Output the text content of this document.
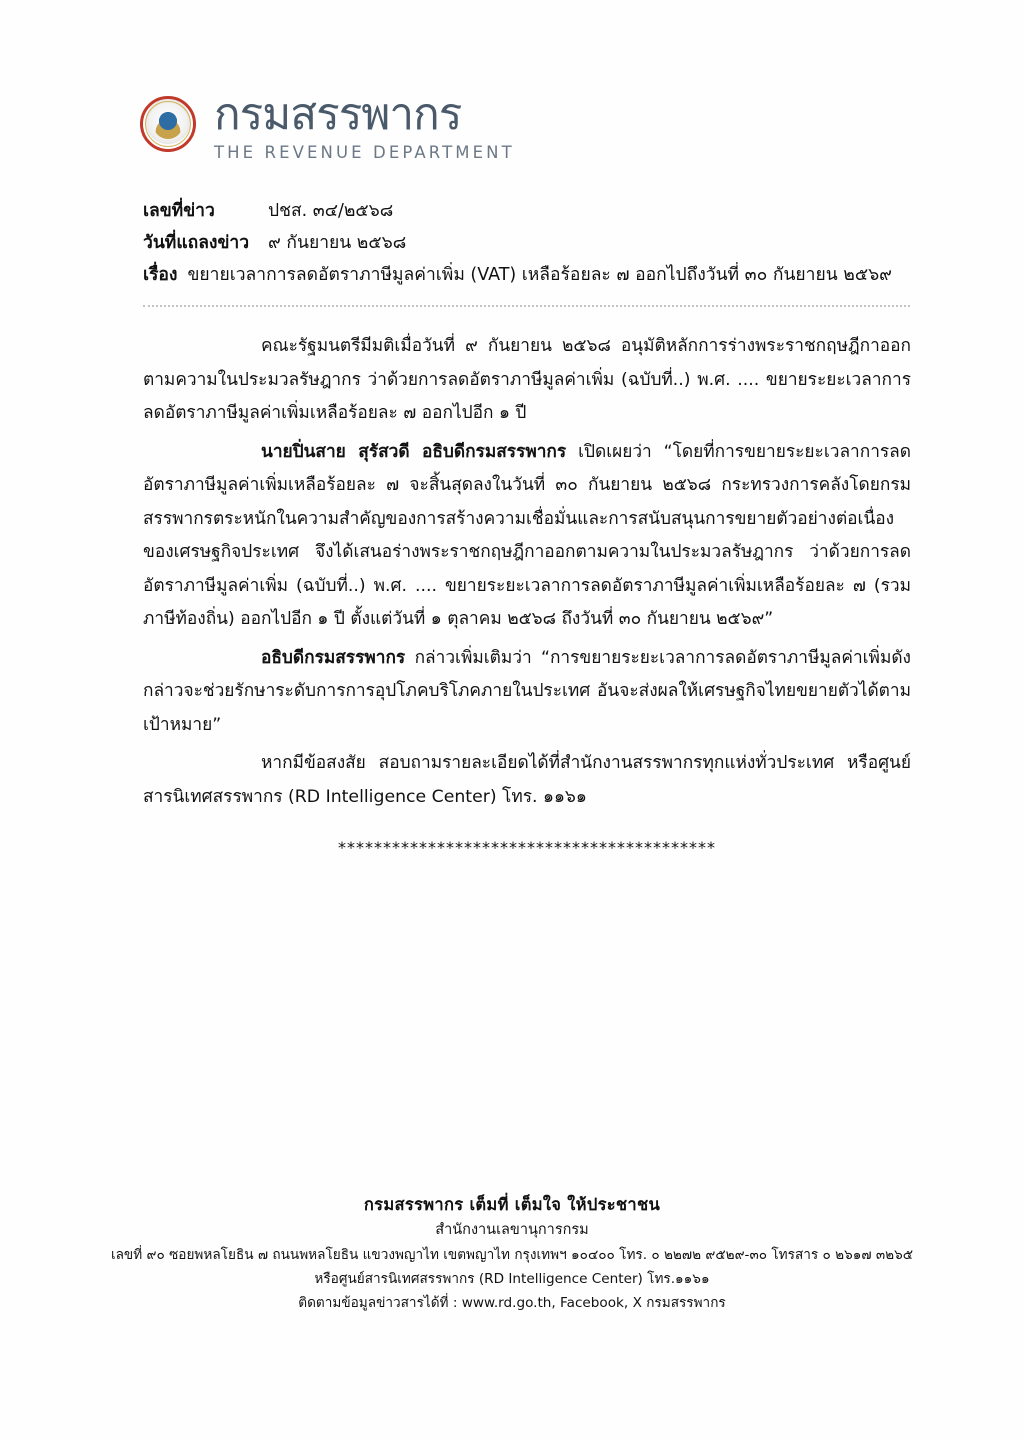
กรมสรรพากร
THE REVENUE DEPARTMENT
เลขที่ข่าว	ปชส. ๓๔/๒๕๖๘
วันที่แถลงข่าว	๙ กันยายน ๒๕๖๘
เรื่อง ขยายเวลาการลดอัตราภาษีมูลค่าเพิ่ม (VAT) เหลือร้อยละ ๗ ออกไปถึงวันที่ ๓๐ กันยายน ๒๕๖๙

คณะรัฐมนตรีมีมติเมื่อวันที่ ๙ กันยายน ๒๕๖๘ อนุมัติหลักการร่างพระราชกฤษฎีกาออกตามความในประมวลรัษฎากร ว่าด้วยการลดอัตราภาษีมูลค่าเพิ่ม (ฉบับที่..) พ.ศ. .... ขยายระยะเวลาการลดอัตราภาษีมูลค่าเพิ่มเหลือร้อยละ ๗ ออกไปอีก ๑ ปี

นายปิ่นสาย สุรัสวดี อธิบดีกรมสรรพากร เปิดเผยว่า “โดยที่การขยายระยะเวลาการลดอัตราภาษีมูลค่าเพิ่มเหลือร้อยละ ๗ จะสิ้นสุดลงในวันที่ ๓๐ กันยายน ๒๕๖๘ กระทรวงการคลังโดยกรมสรรพากรตระหนักในความสำคัญของการสร้างความเชื่อมั่นและการสนับสนุนการขยายตัวอย่างต่อเนื่องของเศรษฐกิจประเทศ จึงได้เสนอร่างพระราชกฤษฎีกาออกตามความในประมวลรัษฎากร ว่าด้วยการลดอัตราภาษีมูลค่าเพิ่ม (ฉบับที่..) พ.ศ. .... ขยายระยะเวลาการลดอัตราภาษีมูลค่าเพิ่มเหลือร้อยละ ๗ (รวมภาษีท้องถิ่น) ออกไปอีก ๑ ปี ตั้งแต่วันที่ ๑ ตุลาคม ๒๕๖๘ ถึงวันที่ ๓๐ กันยายน ๒๕๖๙”

อธิบดีกรมสรรพากร กล่าวเพิ่มเติมว่า “การขยายระยะเวลาการลดอัตราภาษีมูลค่าเพิ่มดังกล่าวจะช่วยรักษาระดับการการอุปโภคบริโภคภายในประเทศ อันจะส่งผลให้เศรษฐกิจไทยขยายตัวได้ตามเป้าหมาย”

หากมีข้อสงสัย สอบถามรายละเอียดได้ที่สำนักงานสรรพากรทุกแห่งทั่วประเทศ หรือศูนย์สารนิเทศสรรพากร (RD Intelligence Center) โทร. ๑๑๖๑

******************************************
กรมสรรพากร เต็มที่ เต็มใจ ให้ประชาชน
สำนักงานเลขานุการกรม
เลขที่ ๙๐ ซอยพหลโยธิน ๗ ถนนพหลโยธิน แขวงพญาไท เขตพญาไท กรุงเทพฯ ๑๐๔๐๐ โทร. ๐ ๒๒๗๒ ๙๕๒๙-๓๐ โทรสาร ๐ ๒๖๑๗ ๓๒๖๕
หรือศูนย์สารนิเทศสรรพากร (RD Intelligence Center) โทร.๑๑๖๑
ติดตามข้อมูลข่าวสารได้ที่ : www.rd.go.th, Facebook, X กรมสรรพากร
